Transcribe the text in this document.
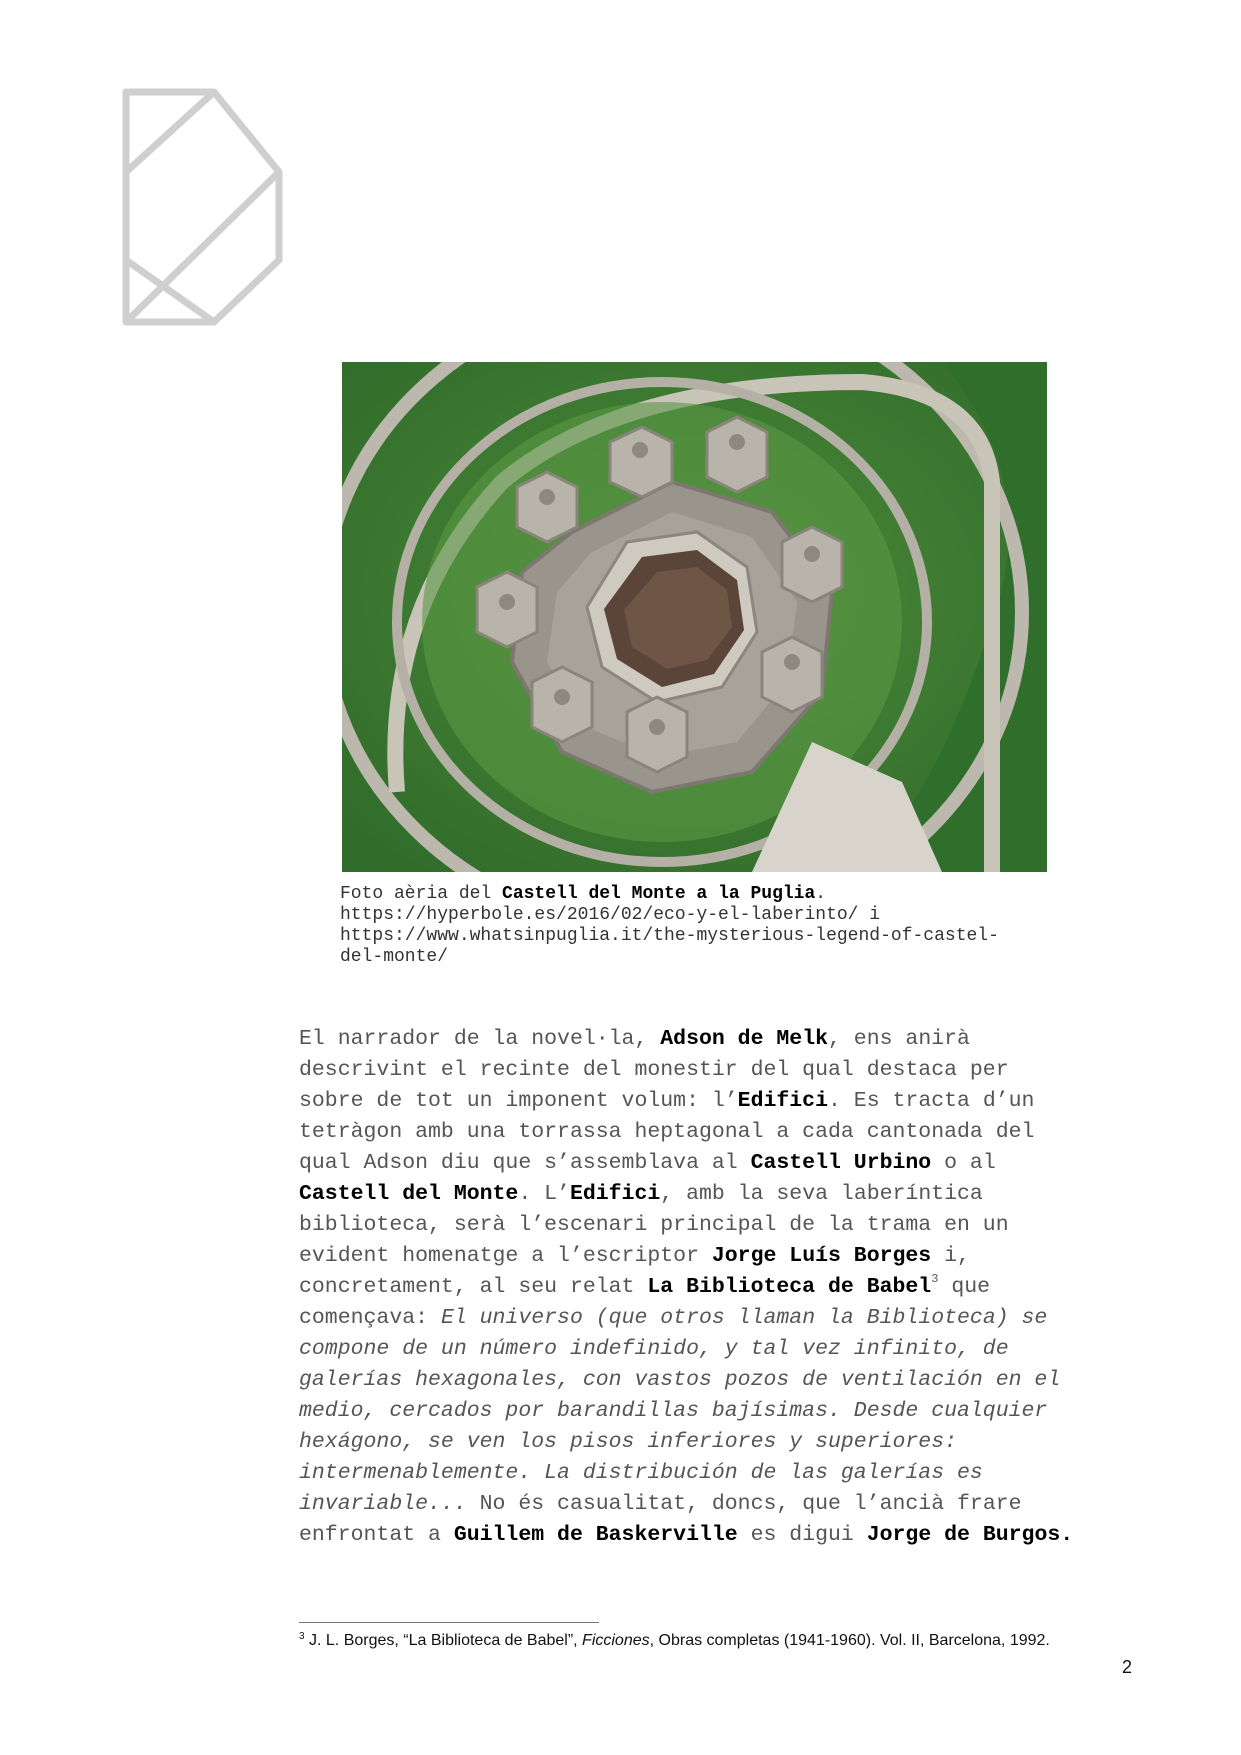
Foto aèria del Castell del Monte a la Puglia.
https://hyperbole.es/2016/02/eco-y-el-laberinto/ i
https://www.whatsinpuglia.it/the-mysterious-legend-of-castel-
del-monte/
El narrador de la novel·la, Adson de Melk, ens anirà
descrivint el recinte del monestir del qual destaca per
sobre de tot un imponent volum: l’Edifici. Es tracta d’un
tetràgon amb una torrassa heptagonal a cada cantonada del
qual Adson diu que s’assemblava al Castell Urbino o al
Castell del Monte. L’Edifici, amb la seva laberíntica
biblioteca, serà l’escenari principal de la trama en un
evident homenatge a l’escriptor Jorge Luís Borges i,
concretament, al seu relat La Biblioteca de Babel$^3$ que
començava: El universo (que otros llaman la Biblioteca) se
compone de un número indefinido, y tal vez infinito, de
galerías hexagonales, con vastos pozos de ventilación en el
medio, cercados por barandillas bajísimas. Desde cualquier
hexágono, se ven los pisos inferiores y superiores:
intermenablemente. La distribución de las galerías es
invariable... No és casualitat, doncs, que l’ancià frare
enfrontat a Guillem de Baskerville es digui Jorge de Burgos.
$^3$ J. L. Borges, “La Biblioteca de Babel”, Ficciones, Obras completas (1941-1960). Vol. II, Barcelona, 1992.
2
